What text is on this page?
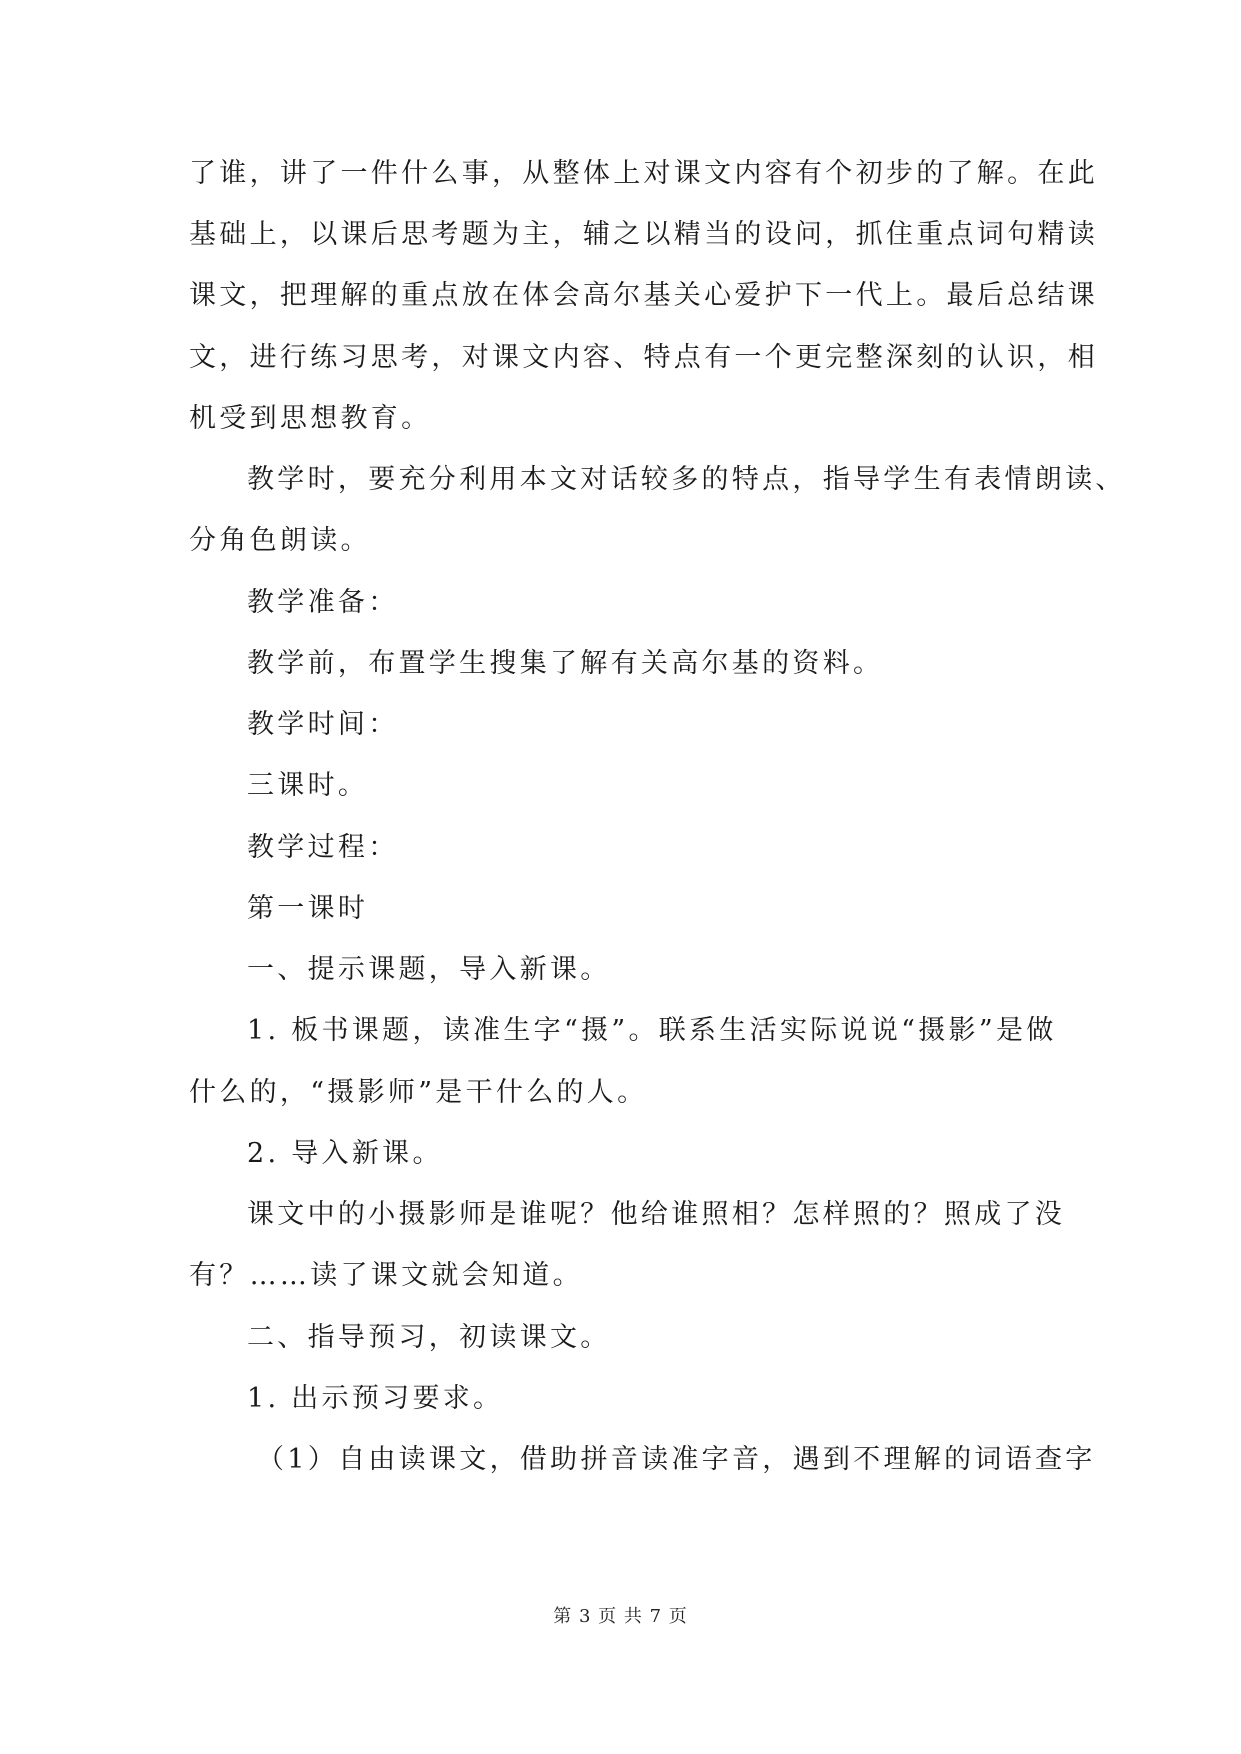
了谁，讲了一件什么事，从整体上对课文内容有个初步的了解。在此
基础上，以课后思考题为主，辅之以精当的设问，抓住重点词句精读
课文，把理解的重点放在体会高尔基关心爱护下一代上。最后总结课
文，进行练习思考，对课文内容、特点有一个更完整深刻的认识，相
机受到思想教育。
教学时，要充分利用本文对话较多的特点，指导学生有表情朗读、
分角色朗读。
教学准备：
教学前，布置学生搜集了解有关高尔基的资料。
教学时间：
三课时。
教学过程：
第一课时
一、提示课题，导入新课。
1. 板书课题，读准生字“摄”。联系生活实际说说“摄影”是做
什么的，“摄影师”是干什么的人。
2. 导入新课。
课文中的小摄影师是谁呢？他给谁照相？怎样照的？照成了没
有？……读了课文就会知道。
二、指导预习，初读课文。
1. 出示预习要求。
（1）自由读课文，借助拼音读准字音，遇到不理解的词语查字
第 3 页 共 7 页
